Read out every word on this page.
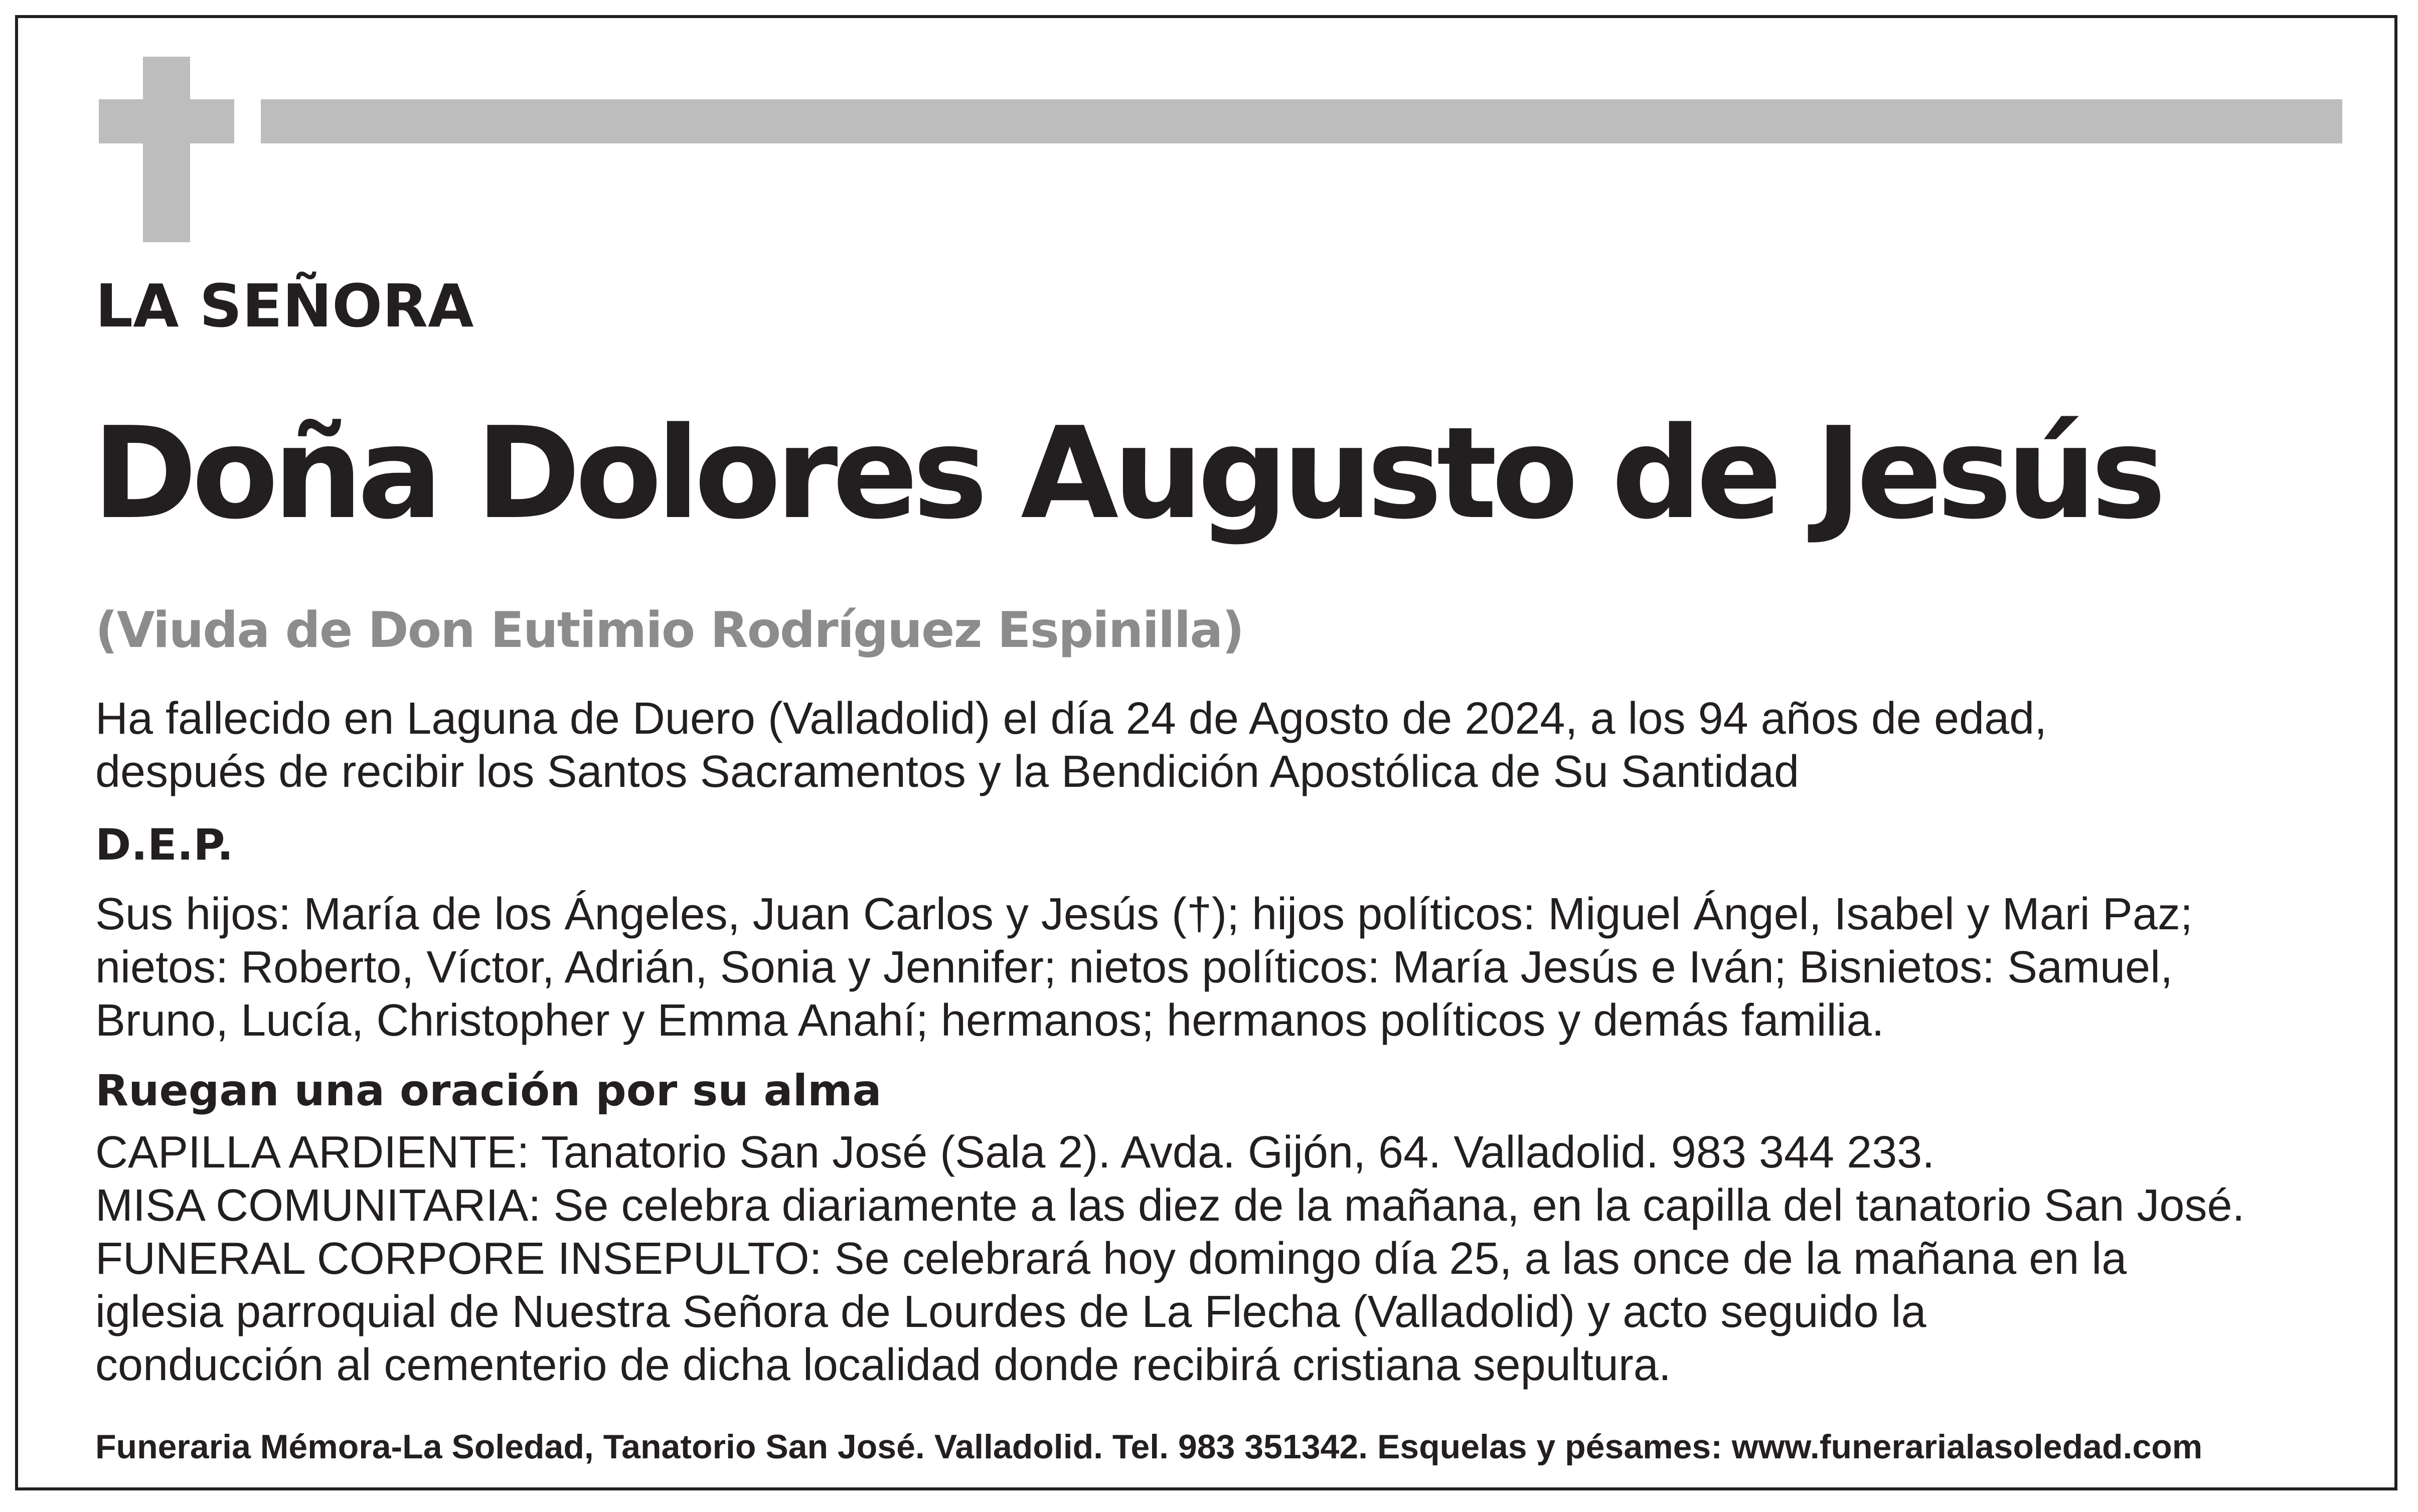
LA SEÑORA
Doña Dolores Augusto de Jesús
(Viuda de Don Eutimio Rodríguez Espinilla)
Ha fallecido en Laguna de Duero (Valladolid) el día 24 de Agosto de 2024, a los 94 años de edad,
después de recibir los Santos Sacramentos y la Bendición Apostólica de Su Santidad
D.E.P.
Sus hijos: María de los Ángeles, Juan Carlos y Jesús (†); hijos políticos: Miguel Ángel, Isabel y Mari Paz;
nietos: Roberto, Víctor, Adrián, Sonia y Jennifer; nietos políticos: María Jesús e Iván; Bisnietos: Samuel,
Bruno, Lucía, Christopher y Emma Anahí; hermanos; hermanos políticos y demás familia.
Ruegan una oración por su alma
CAPILLA ARDIENTE: Tanatorio San José (Sala 2). Avda. Gijón, 64. Valladolid. 983 344 233.
MISA COMUNITARIA: Se celebra diariamente a las diez de la mañana, en la capilla del tanatorio San José.
FUNERAL CORPORE INSEPULTO: Se celebrará hoy domingo día 25, a las once de la mañana en la
iglesia parroquial de Nuestra Señora de Lourdes de La Flecha (Valladolid) y acto seguido la
conducción al cementerio de dicha localidad donde recibirá cristiana sepultura.
Funeraria Mémora-La Soledad, Tanatorio San José. Valladolid. Tel. 983 351342. Esquelas y pésames: www.funerarialasoledad.com
